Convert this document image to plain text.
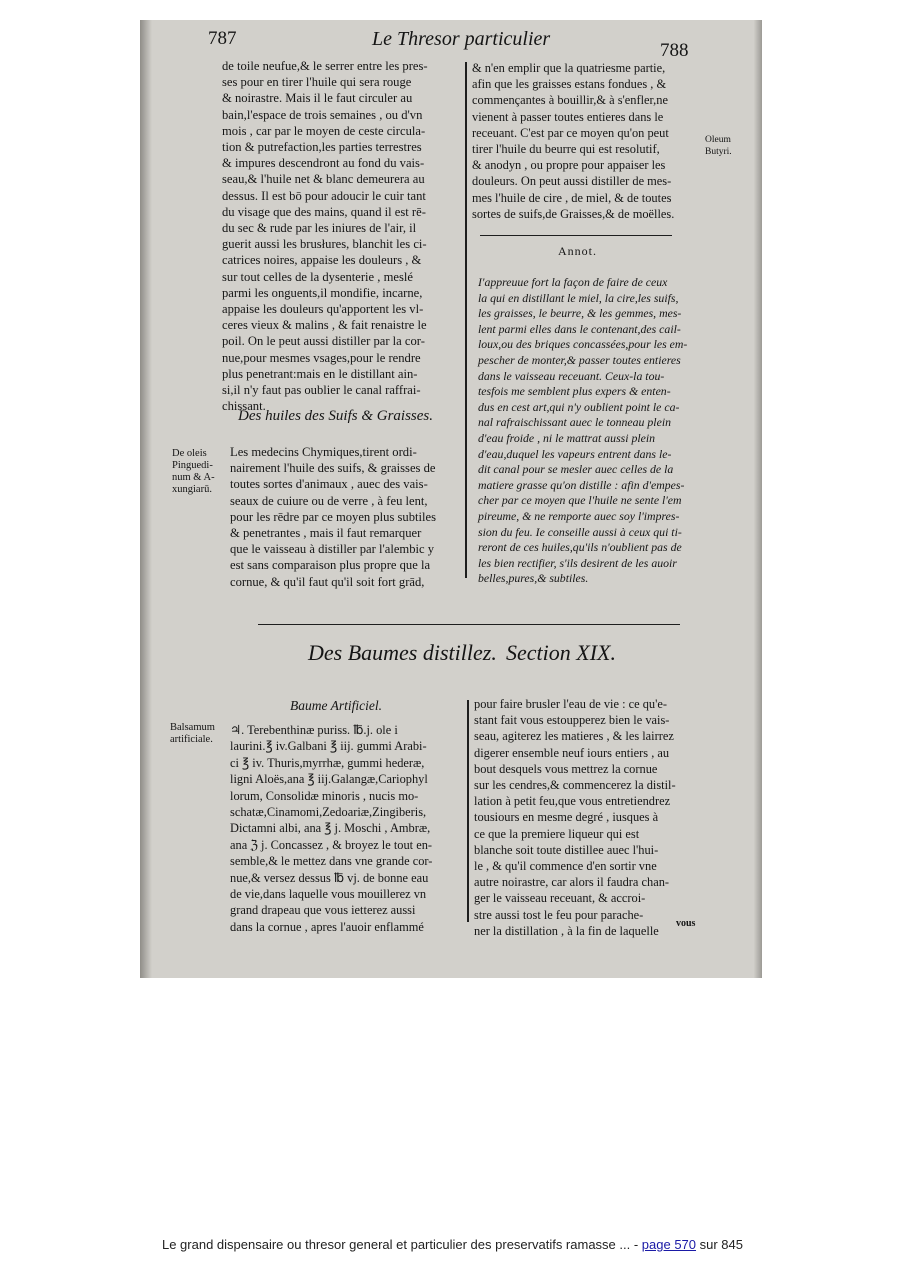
787	Le Thresor particulier
788
de toile neufue,& le serrer entre les pres-
ses pour en tirer l'huile qui sera rouge
& noirastre. Mais il le faut circuler au
bain,l'espace de trois semaines , ou d'vn
mois , car par le moyen de ceste circula-
tion & putrefaction,les parties terrestres
& impures descendront au fond du vais-
seau,& l'huile net & blanc demeurera au
dessus. Il est bō pour adoucir le cuir tant
du visage que des mains, quand il est rē-
du sec & rude par les iniures de l'air, il
guerit aussi les brusłures, blanchit les ci-
catrices noires, appaise les douleurs , &
sur tout celles de la dysenterie , meslé
parmi les onguents,il mondifie, incarne,
appaise les douleurs qu'apportent les vl-
ceres vieux & malins , & fait renaistre le
poil. On le peut aussi distiller par la cor-
nue,pour mesmes vsages,pour le rendre
plus penetrant:mais en le distillant ain-
si,il n'y faut pas oublier le canal raffrai-
chissant.
Des huiles des Suifs & Graisses.
De oleis
Pinguedi-
num & A-
xungiarū.
Les medecins Chymiques,tirent ordi-
nairement l'huile des suifs, & graisses de
toutes sortes d'animaux , auec des vais-
seaux de cuiure ou de verre , à feu lent,
pour les rēdre par ce moyen plus subtiles
& penetrantes , mais il faut remarquer
que le vaisseau à distiller par l'alembic y
est sans comparaison plus propre que la
cornue, & qu'il faut qu'il soit fort grād,
& n'en emplir que la quatriesme partie,
afin que les graisses estans fondues , &
commençantes à bouillir,& à s'enfler,ne
vienent à passer toutes entieres dans le
receuant. C'est par ce moyen qu'on peut
tirer l'huile du beurre qui est resolutif,
& anodyn , ou propre pour appaiser les
douleurs. On peut aussi distiller de mes-
mes l'huile de cire , de miel, & de toutes
sortes de suifs,de Graisses,& de moëlles.
Oleum
Butyri.
Annot.
I'appreuue fort la façon de faire de ceux
la qui en distillant le miel, la cire,les suifs,
les graisses, le beurre, & les gemmes, mes-
lent parmi elles dans le contenant,des cail-
loux,ou des briques concassées,pour les em-
pescher de monter,& passer toutes entieres
dans le vaisseau receuant. Ceux-la tou-
tesfois me semblent plus expers & enten-
dus en cest art,qui n'y oublient point le ca-
nal rafraischissant auec le tonneau plein
d'eau froide , ni le mattrat aussi plein
d'eau,duquel les vapeurs entrent dans le-
dit canal pour se mesler auec celles de la
matiere grasse qu'on distille : afin d'empes-
cher par ce moyen que l'huile ne sente l'em
pireume, & ne remporte auec soy l'impres-
sion du feu. Ie conseille aussi à ceux qui ti-
reront de ces huiles,qu'ils n'oublient pas de
les bien rectifier, s'ils desirent de les auoir
belles,pures,& subtiles.
Des Baumes distillez. Section XIX.
Baume Artificiel.
Balsamum
artificiale.
♃. Terebenthinæ puriss. ℔.j. ole i
laurini.℥ iv.Galbani ℥ iij. gummi Arabi-
ci ℥ iv. Thuris,myrrhæ, gummi hederæ,
ligni Aloës,ana ℥ iij.Galangæ,Cariophyl
lorum, Consolidæ minoris , nucis mo-
schatæ,Cinamomi,Zedoariæ,Zingiberis,
Dictamni albi, ana ℥ j. Moschi , Ambræ,
ana ℨ j. Concassez , & broyez le tout en-
semble,& le mettez dans vne grande cor-
nue,& versez dessus ℔ vj. de bonne eau
de vie,dans laquelle vous mouillerez vn
grand drapeau que vous ietterez aussi
dans la cornue , apres l'auoir enflammé
pour faire brusler l'eau de vie : ce qu'e-
stant fait vous estoupperez bien le vais-
seau, agiterez les matieres , & les lairrez
digerer ensemble neuf iours entiers , au
bout desquels vous mettrez la cornue
sur les cendres,& commencerez la distil-
lation à petit feu,que vous entretiendrez
tousiours en mesme degré , iusques à
ce que la premiere liqueur qui est
blanche soit toute distillee auec l'hui-
le , & qu'il commence d'en sortir vne
autre noirastre, car alors il faudra chan-
ger le vaisseau receuant, & accroi-
stre aussi tost le feu pour parache-
ner la distillation , à la fin de laquelle
vous
Le grand dispensaire ou thresor general et particulier des preservatifs ramasse ... - page 570 sur 845
